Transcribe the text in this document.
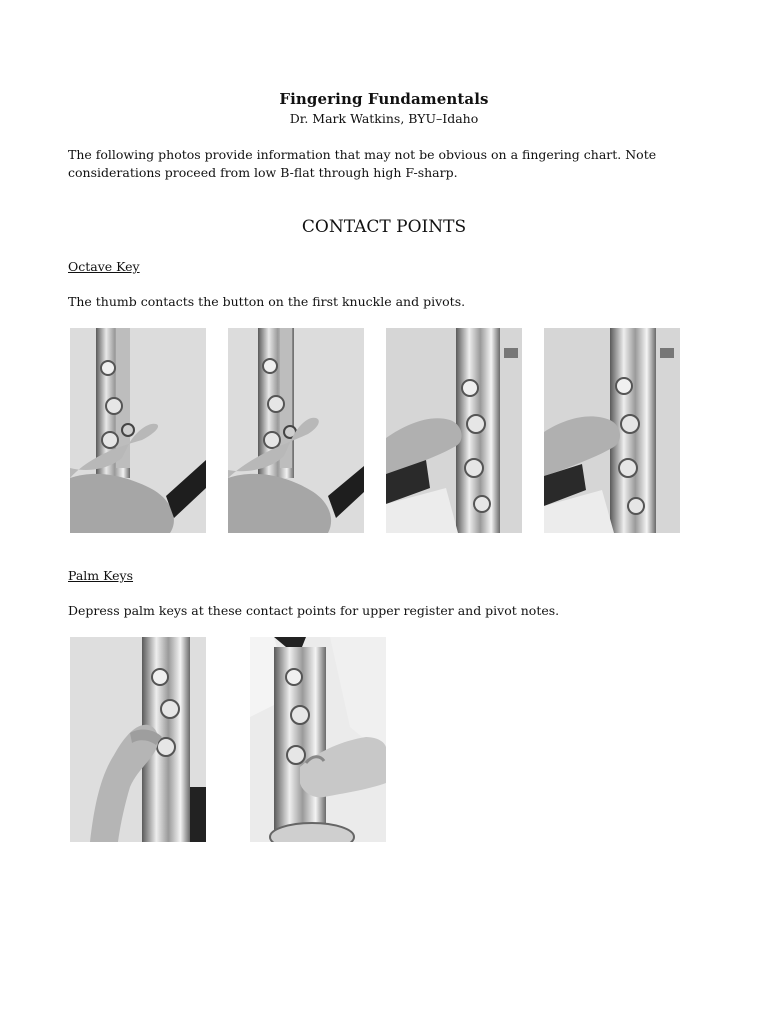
Fingering Fundamentals
Dr. Mark Watkins, BYU–Idaho
The following photos provide information that may not be obvious on a fingering chart. Note
considerations proceed from low B-flat through high F-sharp.
CONTACT POINTS
Octave Key
The thumb contacts the button on the first knuckle and pivots.
Palm Keys
Depress palm keys at these contact points for upper register and pivot notes.
